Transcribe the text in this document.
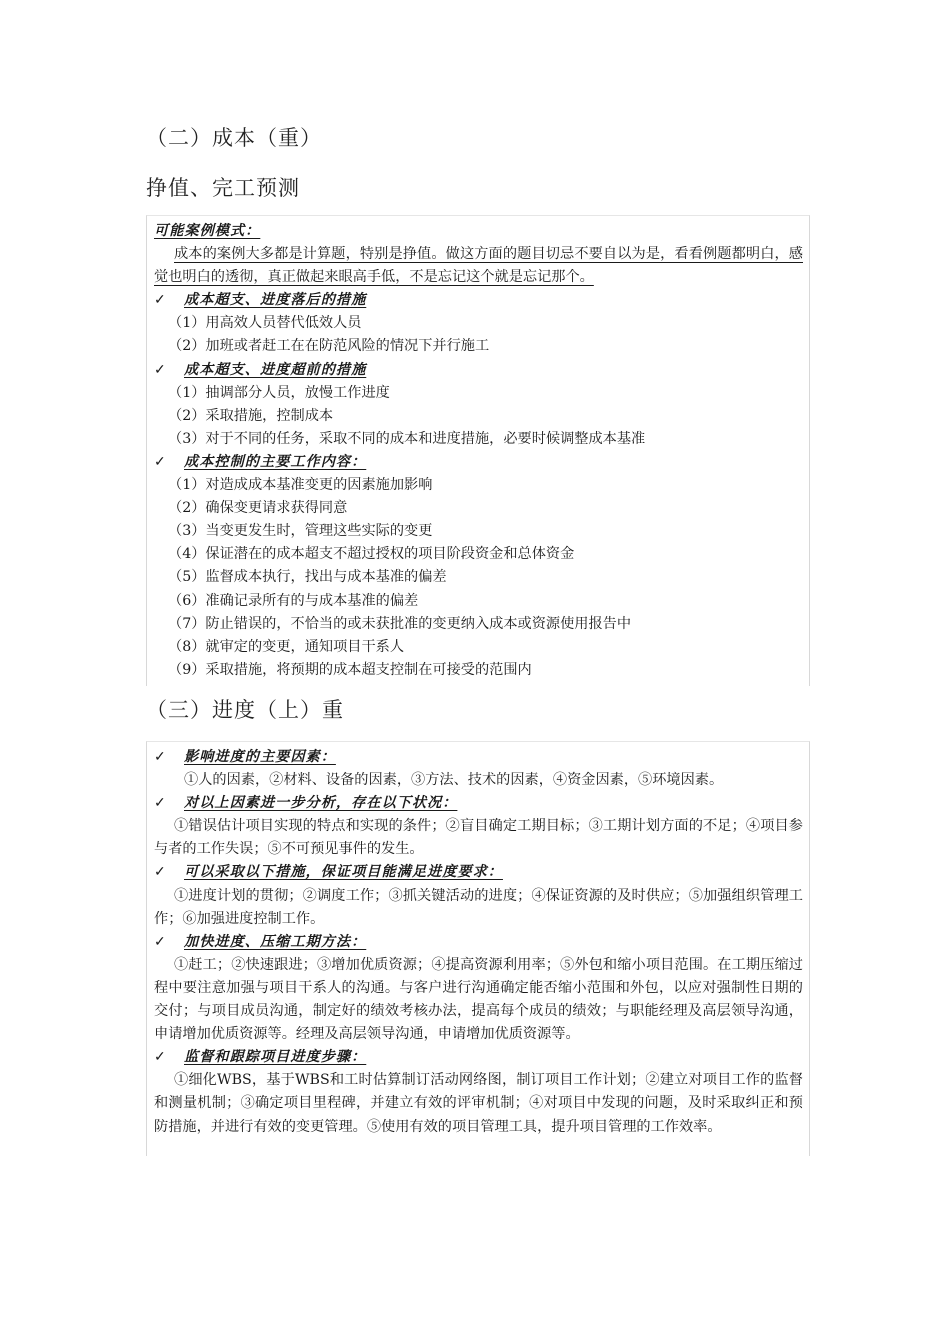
（二）成本（重）
挣值、完工预测

可能案例模式：

成本的案例大多都是计算题，特别是挣值。做这方面的题目切忌不要自以为是，看看例题都明白，感觉也明白的透彻，真正做起来眼高手低，不是忘记这个就是忘记那个。

✓ 成本超支、进度落后的措施

（1）用高效人员替代低效人员

（2）加班或者赶工在在防范风险的情况下并行施工

✓ 成本超支、进度超前的措施

（1）抽调部分人员，放慢工作进度

（2）采取措施，控制成本

（3）对于不同的任务，采取不同的成本和进度措施，必要时候调整成本基准

✓ 成本控制的主要工作内容：

（1）对造成成本基准变更的因素施加影响

（2）确保变更请求获得同意

（3）当变更发生时，管理这些实际的变更

（4）保证潜在的成本超支不超过授权的项目阶段资金和总体资金

（5）监督成本执行，找出与成本基准的偏差

（6）准确记录所有的与成本基准的偏差

（7）防止错误的，不恰当的或未获批准的变更纳入成本或资源使用报告中

（8）就审定的变更，通知项目干系人

（9）采取措施，将预期的成本超支控制在可接受的范围内

（三）进度（上）重

✓ 影响进度的主要因素：

①人的因素，②材料、设备的因素，③方法、技术的因素，④资金因素，⑤环境因素。

✓ 对以上因素进一步分析，存在以下状况：

①错误估计项目实现的特点和实现的条件；②盲目确定工期目标；③工期计划方面的不足；④项目参与者的工作失误；⑤不可预见事件的发生。

✓ 可以采取以下措施，保证项目能满足进度要求：

①进度计划的贯彻；②调度工作；③抓关键活动的进度；④保证资源的及时供应；⑤加强组织管理工作；⑥加强进度控制工作。

✓ 加快进度、压缩工期方法：

①赶工；②快速跟进；③增加优质资源；④提高资源利用率；⑤外包和缩小项目范围。在工期压缩过程中要注意加强与项目干系人的沟通。与客户进行沟通确定能否缩小范围和外包，以应对强制性日期的交付；与项目成员沟通，制定好的绩效考核办法，提高每个成员的绩效；与职能经理及高层领导沟通，申请增加优质资源等。经理及高层领导沟通，申请增加优质资源等。

✓ 监督和跟踪项目进度步骤：

①细化WBS，基于WBS和工时估算制订活动网络图，制订项目工作计划；②建立对项目工作的监督和测量机制；③确定项目里程碑，并建立有效的评审机制；④对项目中发现的问题，及时采取纠正和预防措施，并进行有效的变更管理。⑤使用有效的项目管理工具，提升项目管理的工作效率。
